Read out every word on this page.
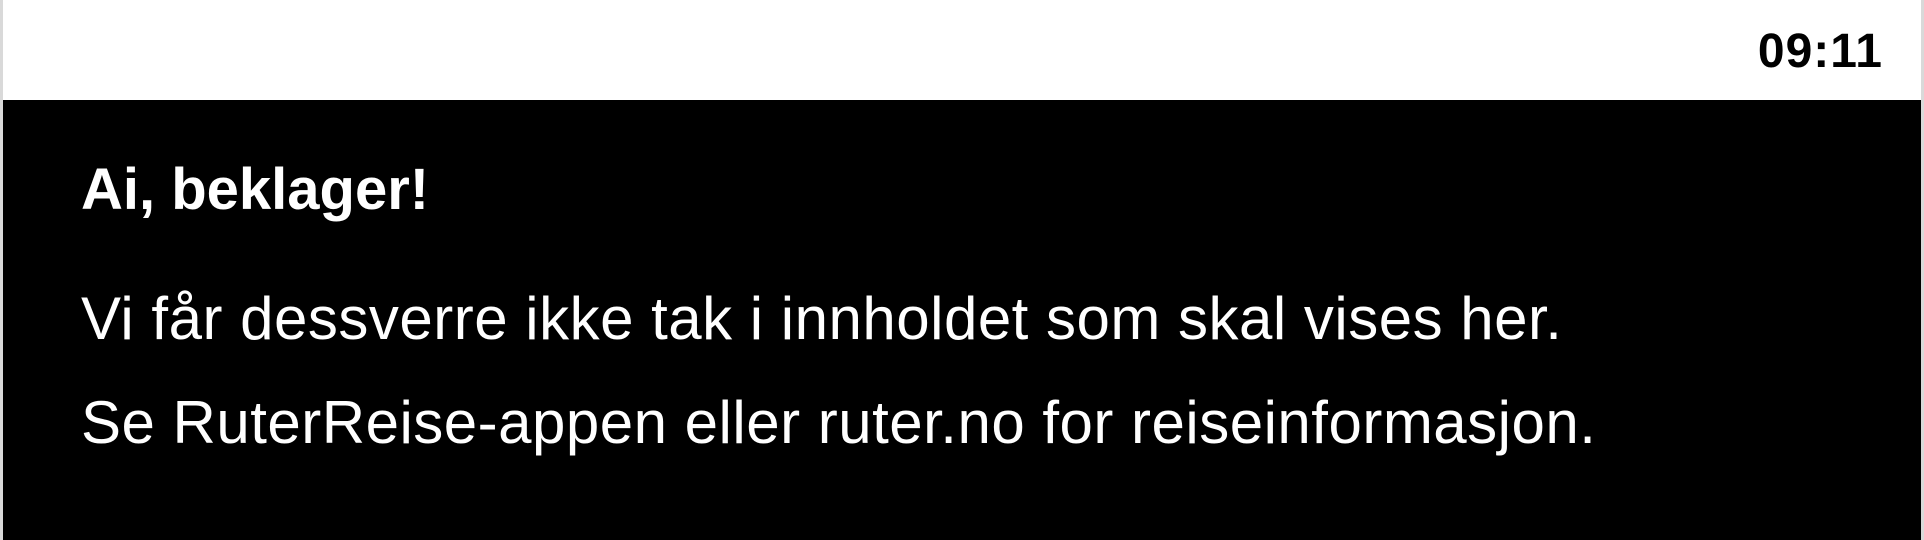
09:11
Ai, beklager!
Vi får dessverre ikke tak i innholdet som skal vises her.
Se RuterReise-appen eller ruter.no for reiseinformasjon.
